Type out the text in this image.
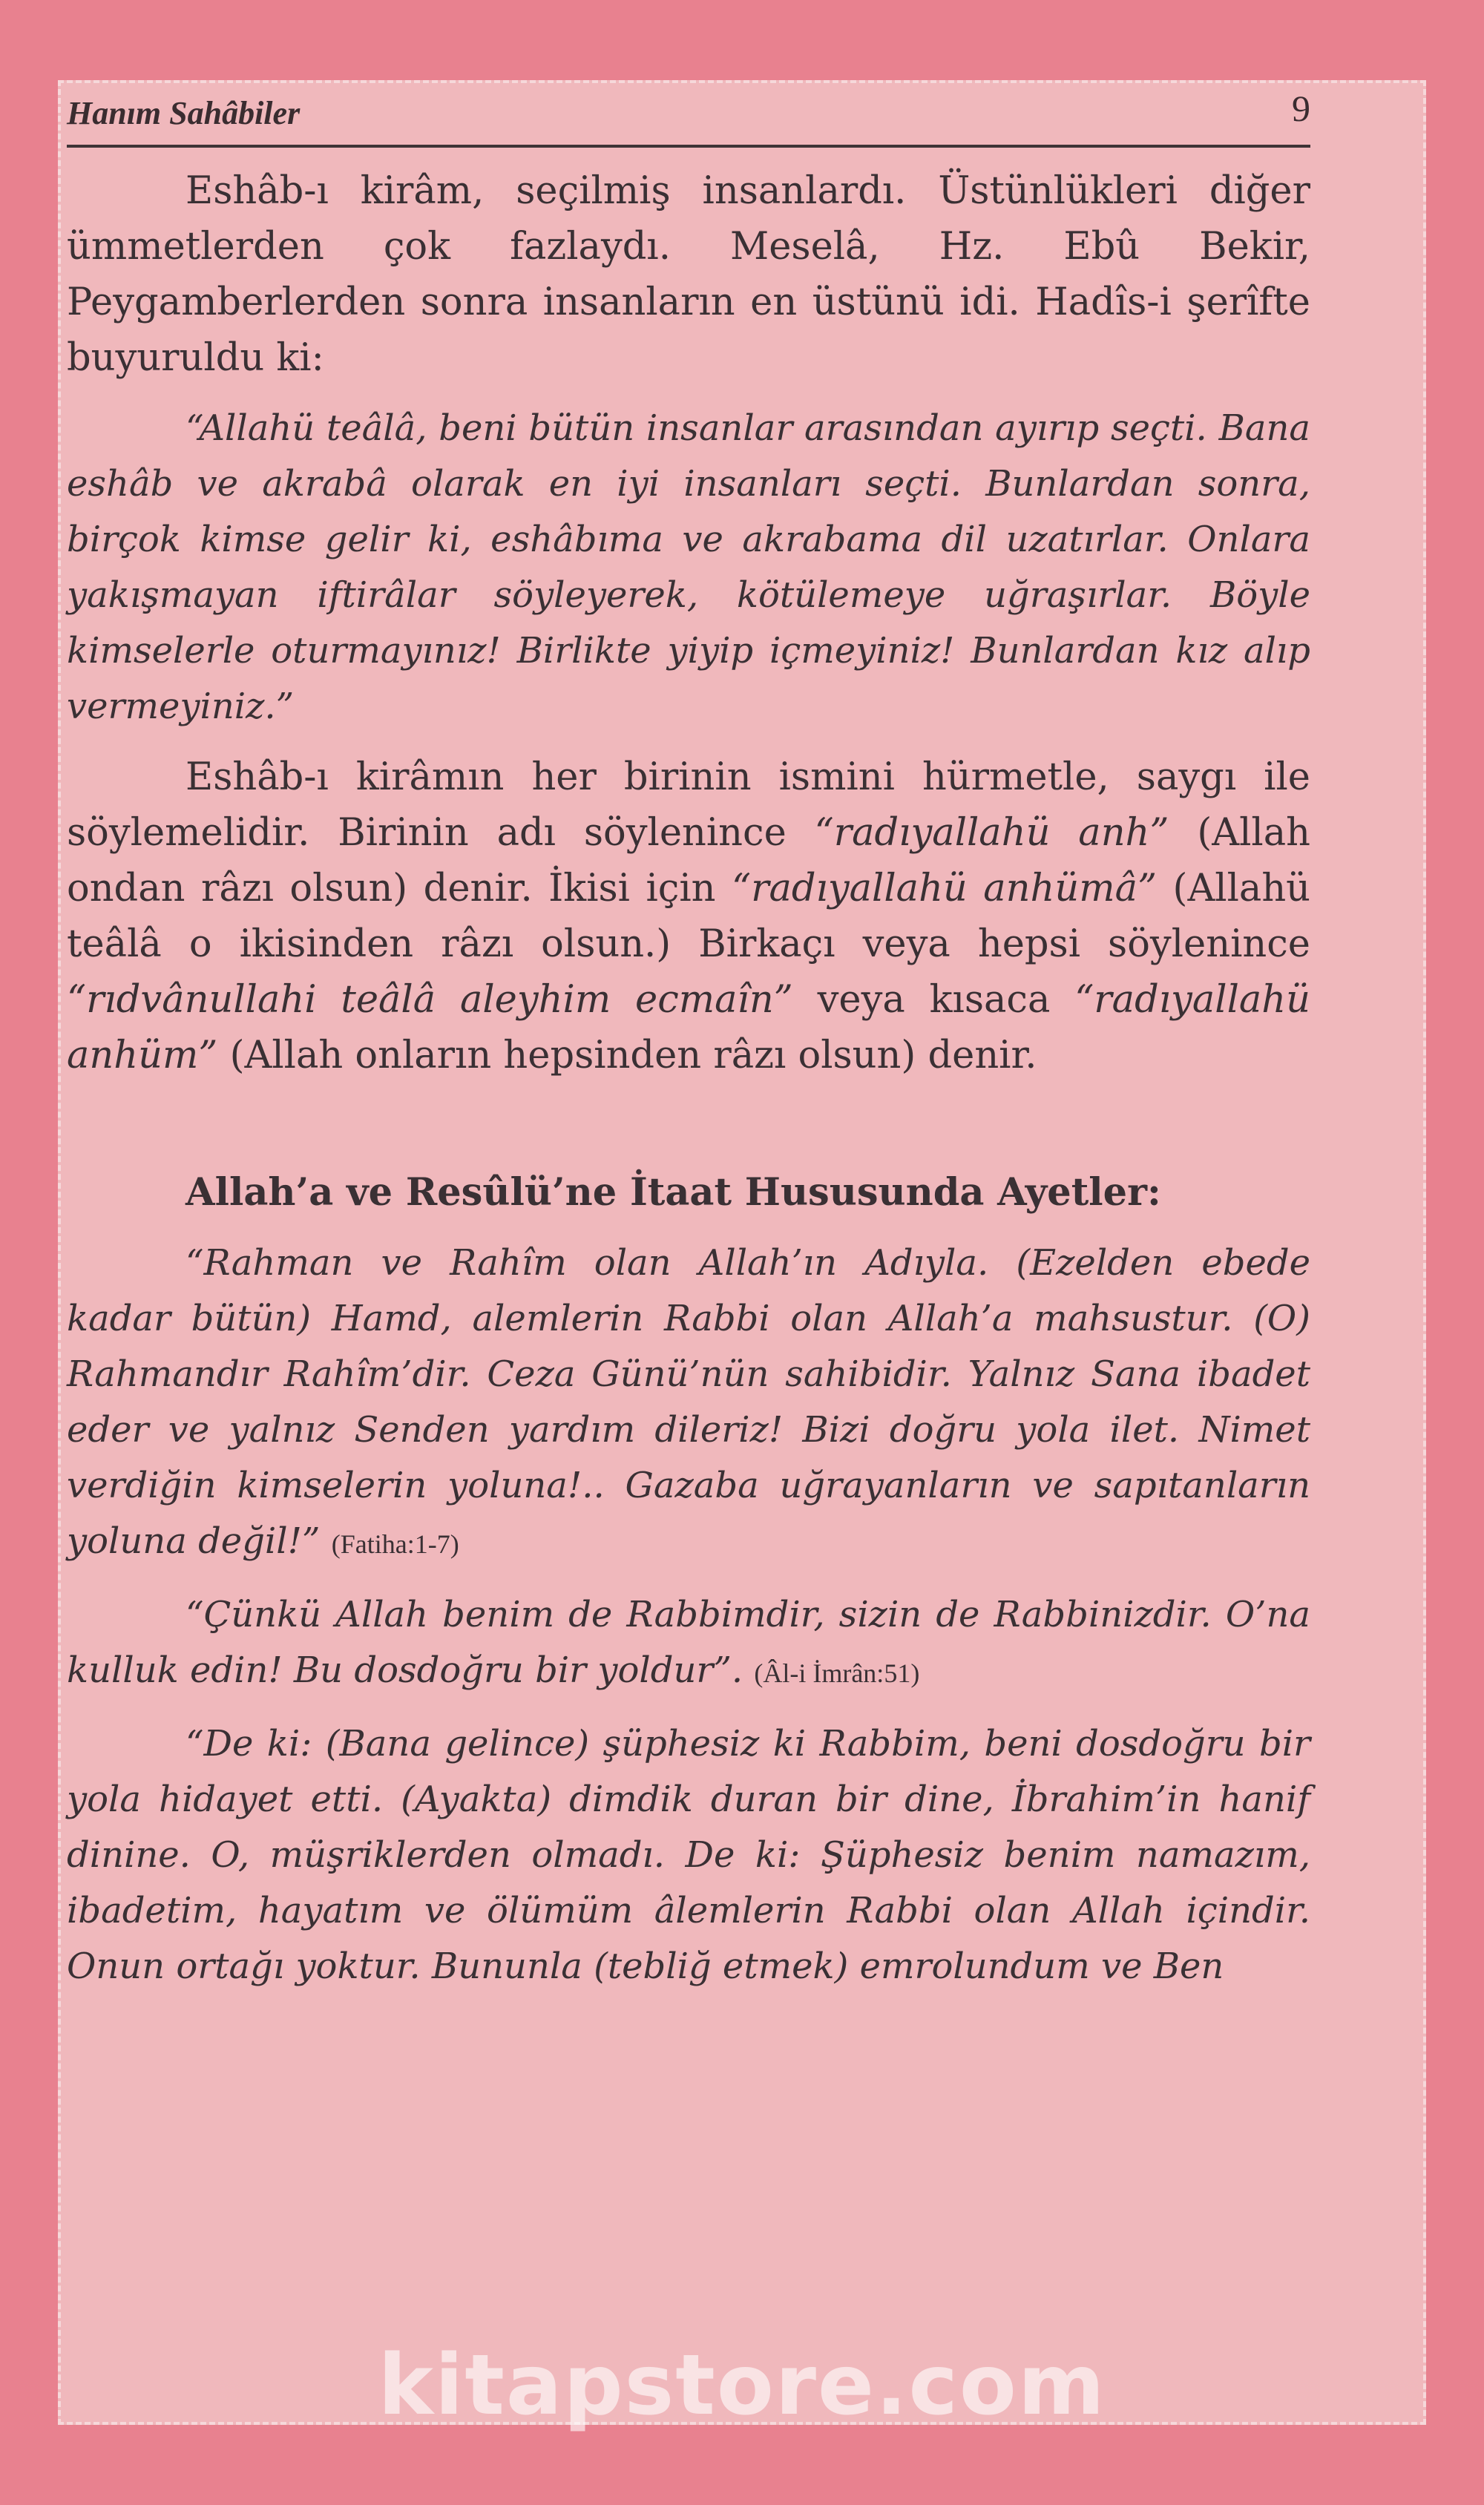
Hanım Sahâbiler	9

Eshâb-ı kirâm, seçilmiş insanlardı. Üstünlükleri diğer ümmetlerden çok fazlaydı. Meselâ, Hz. Ebû Bekir, Peygamberlerden sonra insanların en üstünü idi. Hadîs-i şerîfte buyuruldu ki:

“Allahü teâlâ, beni bütün insanlar arasından ayırıp seçti. Bana eshâb ve akrabâ olarak en iyi insanları seçti. Bunlardan sonra, birçok kimse gelir ki, eshâbıma ve akrabama dil uzatırlar. Onlara yakışmayan iftirâlar söyleyerek, kötülemeye uğraşırlar. Böyle kimselerle oturmayınız! Birlikte yiyip içmeyiniz! Bunlardan kız alıp vermeyiniz.”

Eshâb-ı kirâmın her birinin ismini hürmetle, saygı ile söylemelidir. Birinin adı söylenince “radıyallahü anh” (Allah ondan râzı olsun) denir. İkisi için “radıyallahü anhümâ” (Allahü teâlâ o ikisinden râzı olsun.) Birkaçı veya hepsi söylenince “rıdvânullahi teâlâ aleyhim ecmaîn” veya kısaca “radıyallahü anhüm” (Allah onların hepsinden râzı olsun) denir.

Allah’a ve Resûlü’ne İtaat Hususunda Ayetler:

“Rahman ve Rahîm olan Allah’ın Adıyla. (Ezelden ebede kadar bütün) Hamd, alemlerin Rabbi olan Allah’a mahsustur. (O) Rahmandır Rahîm’dir. Ceza Günü’nün sahibidir. Yalnız Sana ibadet eder ve yalnız Senden yardım dileriz! Bizi doğru yola ilet. Nimet verdiğin kimselerin yoluna!.. Gazaba uğrayanların ve sapıtanların yoluna değil!” (Fatiha:1-7)

“Çünkü Allah benim de Rabbimdir, sizin de Rabbinizdir. O’na kulluk edin! Bu dosdoğru bir yoldur”. (Âl-i İmrân:51)

“De ki: (Bana gelince) şüphesiz ki Rabbim, beni dosdoğru bir yola hidayet etti. (Ayakta) dimdik duran bir dine, İbrahim’in hanif dinine. O, müşriklerden olmadı. De ki: Şüphesiz benim namazım, ibadetim, hayatım ve ölümüm âlemlerin Rabbi olan Allah içindir. Onun ortağı yoktur. Bununla (tebliğ etmek) emrolundum ve Ben

kitapstore.com
